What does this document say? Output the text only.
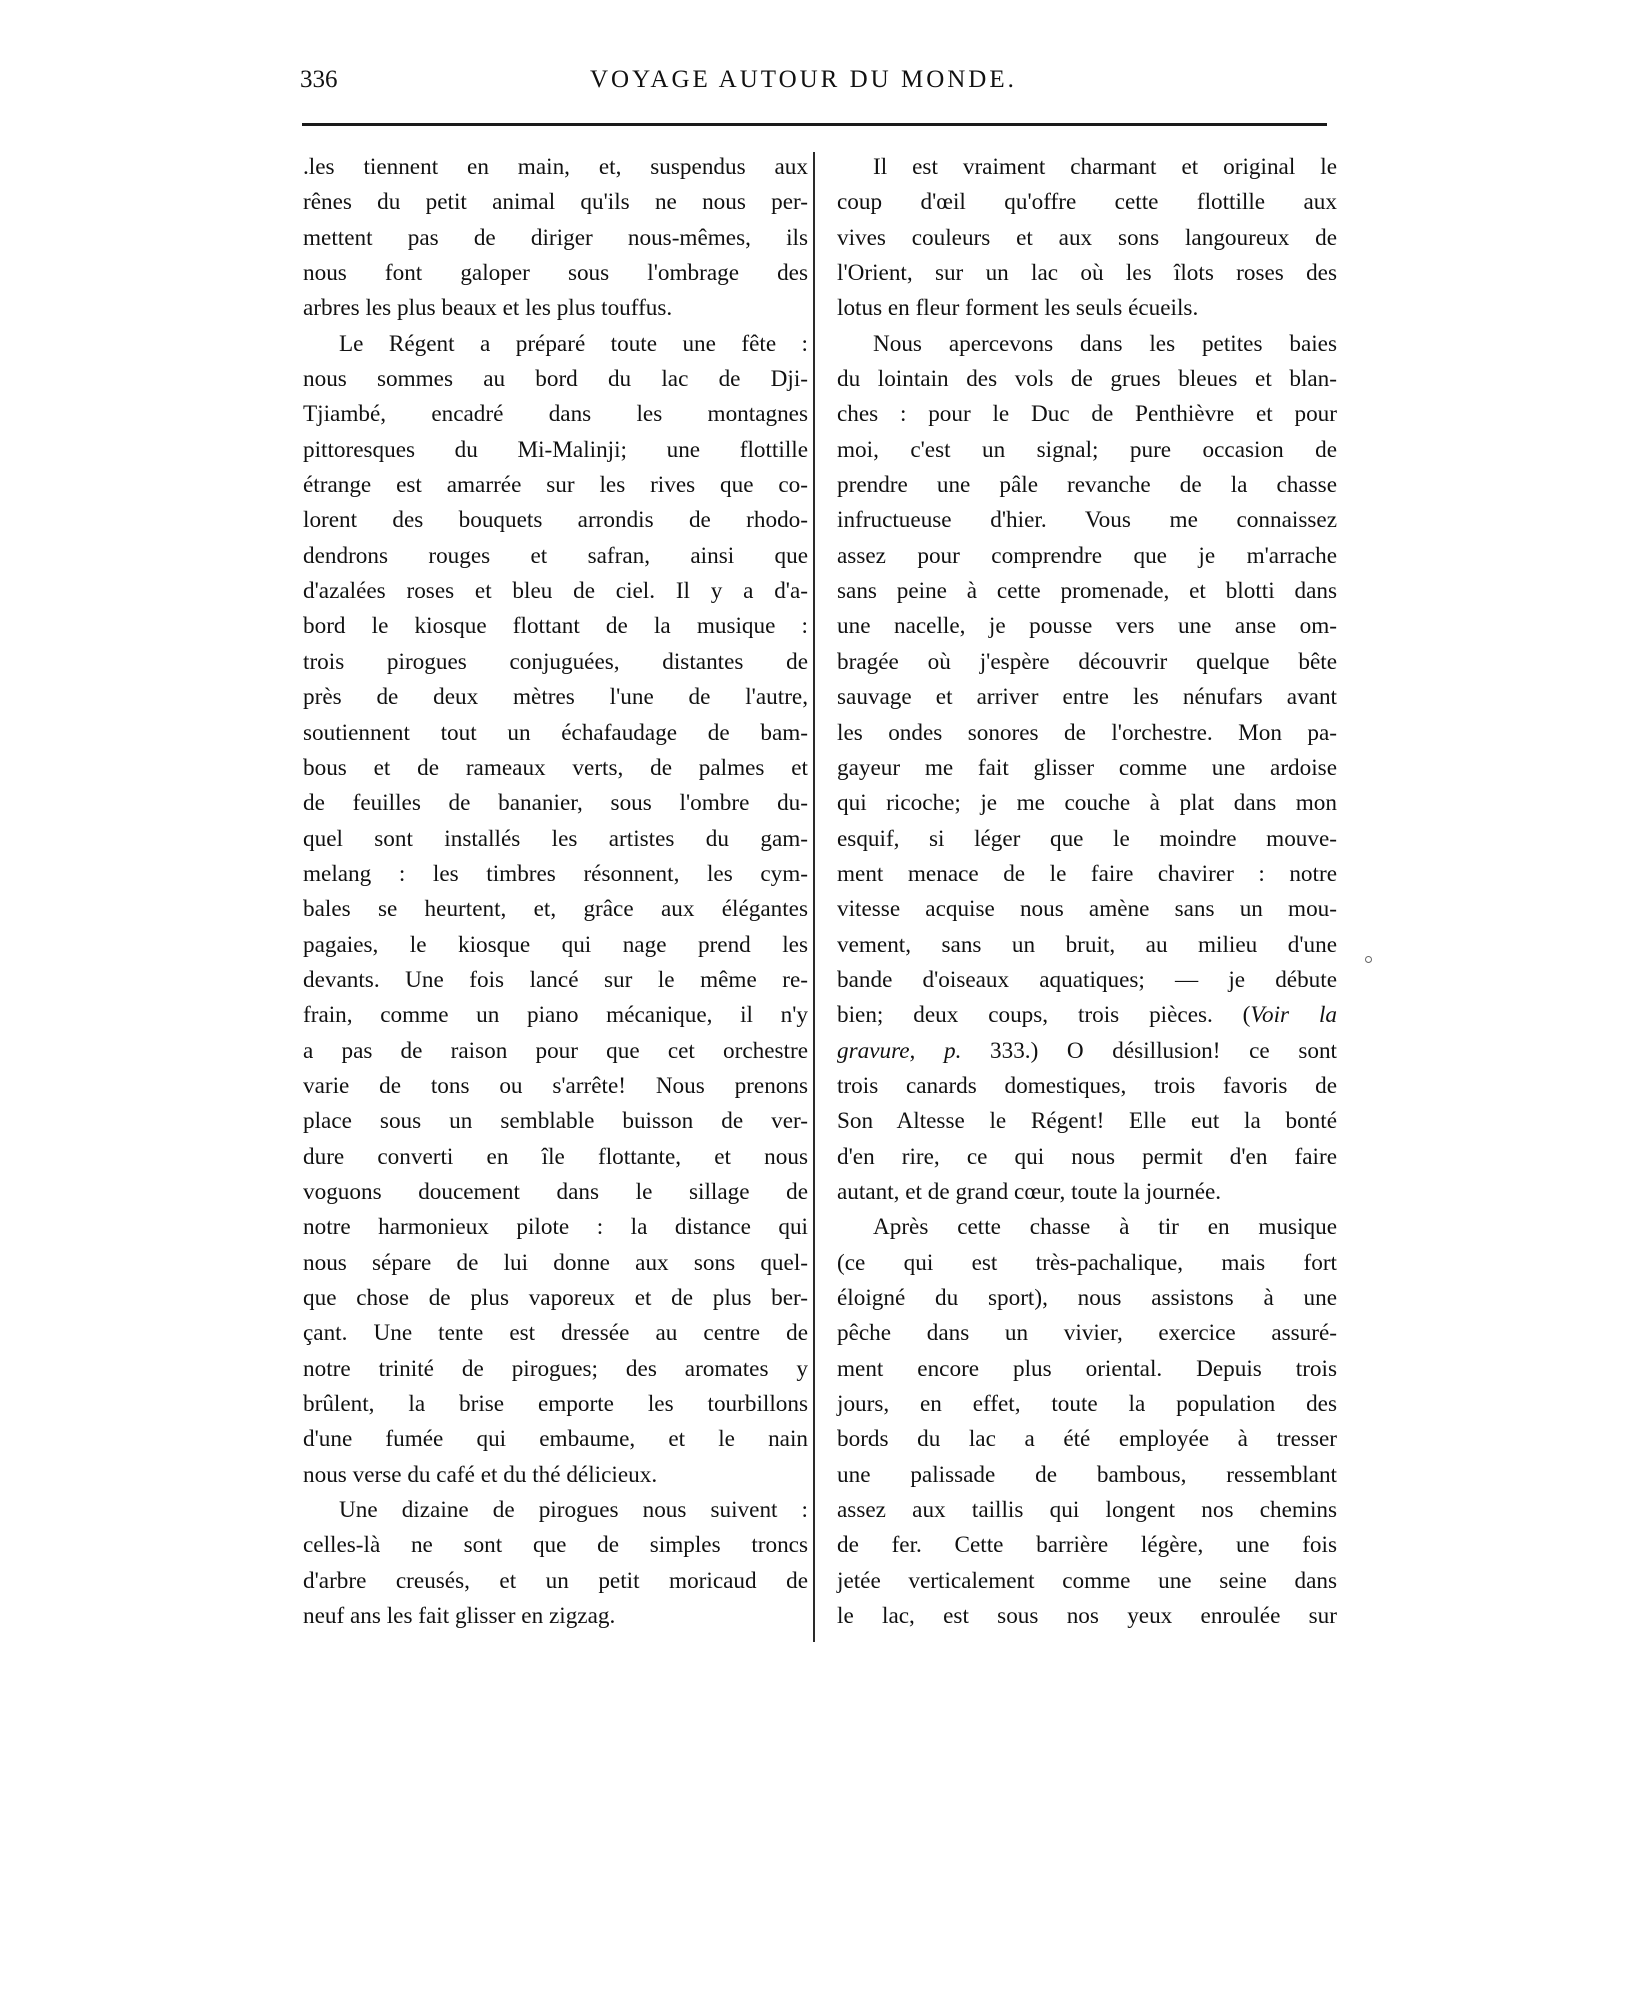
336	VOYAGE AUTOUR DU MONDE.
.les tiennent en main, et, suspendus aux
rênes du petit animal qu'ils ne nous per-
mettent pas de diriger nous-mêmes, ils
nous font galoper sous l'ombrage des
arbres les plus beaux et les plus touffus.
Le Régent a préparé toute une fête :
nous sommes au bord du lac de Dji-
Tjiambé, encadré dans les montagnes
pittoresques du Mi-Malinji; une flottille
étrange est amarrée sur les rives que co-
lorent des bouquets arrondis de rhodo-
dendrons rouges et safran, ainsi que
d'azalées roses et bleu de ciel. Il y a d'a-
bord le kiosque flottant de la musique :
trois pirogues conjuguées, distantes de
près de deux mètres l'une de l'autre,
soutiennent tout un échafaudage de bam-
bous et de rameaux verts, de palmes et
de feuilles de bananier, sous l'ombre du-
quel sont installés les artistes du gam-
melang : les timbres résonnent, les cym-
bales se heurtent, et, grâce aux élégantes
pagaies, le kiosque qui nage prend les
devants. Une fois lancé sur le même re-
frain, comme un piano mécanique, il n'y
a pas de raison pour que cet orchestre
varie de tons ou s'arrête! Nous prenons
place sous un semblable buisson de ver-
dure converti en île flottante, et nous
voguons doucement dans le sillage de
notre harmonieux pilote : la distance qui
nous sépare de lui donne aux sons quel-
que chose de plus vaporeux et de plus ber-
çant. Une tente est dressée au centre de
notre trinité de pirogues; des aromates y
brûlent, la brise emporte les tourbillons
d'une fumée qui embaume, et le nain
nous verse du café et du thé délicieux.
Une dizaine de pirogues nous suivent :
celles-là ne sont que de simples troncs
d'arbre creusés, et un petit moricaud de
neuf ans les fait glisser en zigzag.
Il est vraiment charmant et original le
coup d'œil qu'offre cette flottille aux
vives couleurs et aux sons langoureux de
l'Orient, sur un lac où les îlots roses des
lotus en fleur forment les seuls écueils.
Nous apercevons dans les petites baies
du lointain des vols de grues bleues et blan-
ches : pour le Duc de Penthièvre et pour
moi, c'est un signal; pure occasion de
prendre une pâle revanche de la chasse
infructueuse d'hier. Vous me connaissez
assez pour comprendre que je m'arrache
sans peine à cette promenade, et blotti dans
une nacelle, je pousse vers une anse om-
bragée où j'espère découvrir quelque bête
sauvage et arriver entre les nénufars avant
les ondes sonores de l'orchestre. Mon pa-
gayeur me fait glisser comme une ardoise
qui ricoche; je me couche à plat dans mon
esquif, si léger que le moindre mouve-
ment menace de le faire chavirer : notre
vitesse acquise nous amène sans un mou-
vement, sans un bruit, au milieu d'une
bande d'oiseaux aquatiques; — je débute
bien; deux coups, trois pièces. (Voir la
gravure, p. 333.) O désillusion! ce sont
trois canards domestiques, trois favoris de
Son Altesse le Régent! Elle eut la bonté
d'en rire, ce qui nous permit d'en faire
autant, et de grand cœur, toute la journée.
Après cette chasse à tir en musique
(ce qui est très-pachalique, mais fort
éloigné du sport), nous assistons à une
pêche dans un vivier, exercice assuré-
ment encore plus oriental. Depuis trois
jours, en effet, toute la population des
bords du lac a été employée à tresser
une palissade de bambous, ressemblant
assez aux taillis qui longent nos chemins
de fer. Cette barrière légère, une fois
jetée verticalement comme une seine dans
le lac, est sous nos yeux enroulée sur
